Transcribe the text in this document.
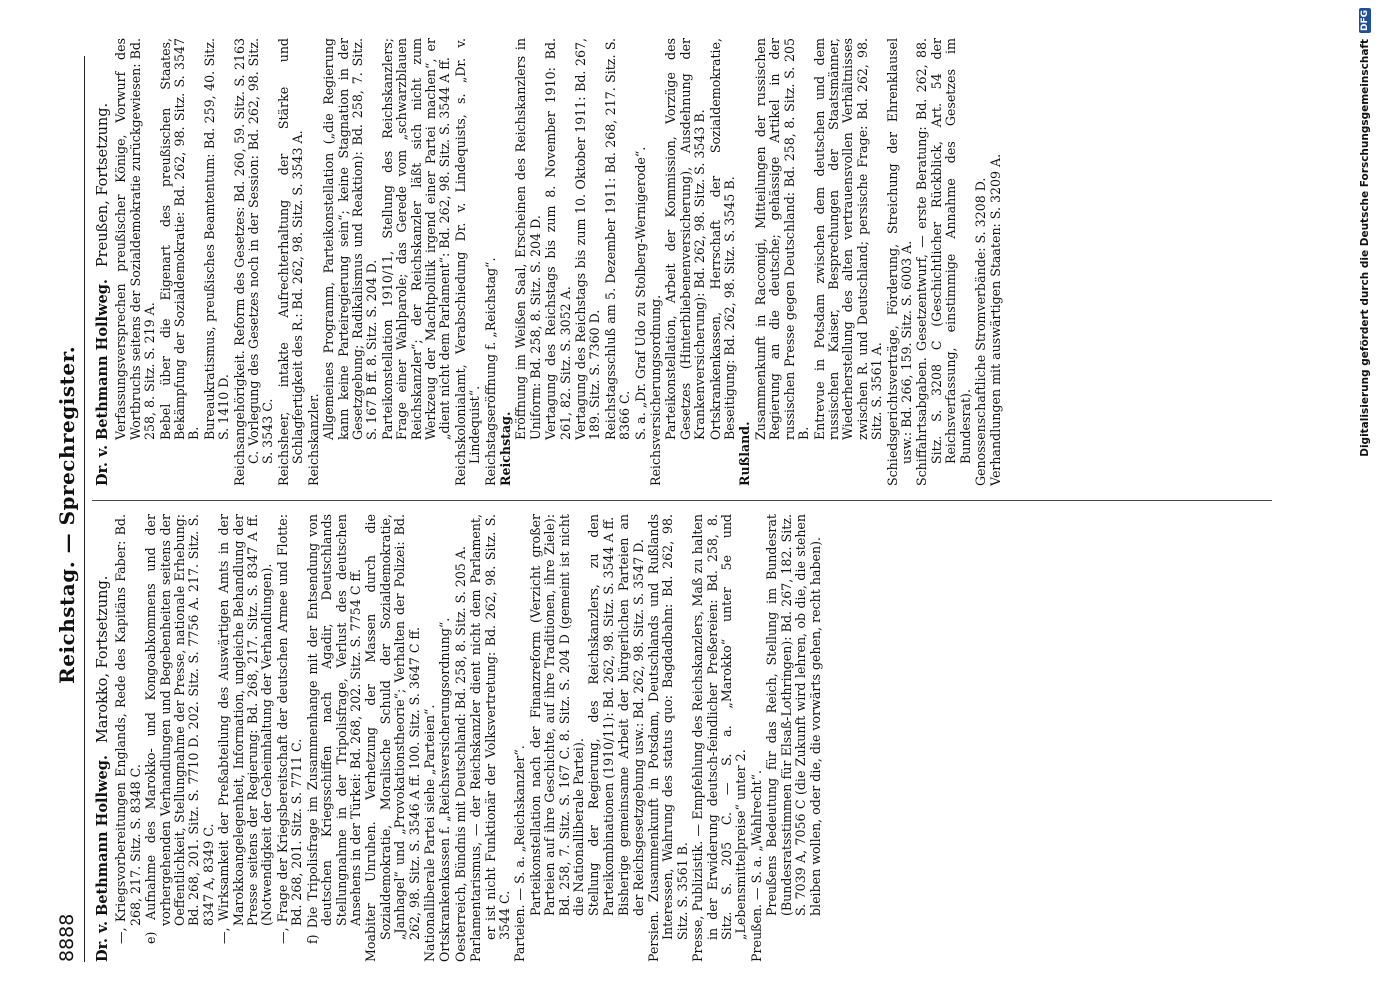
8888
Reichstag. — Sprechregister.
Dr. v. Bethmann Hollweg.
Marokko, Fortsetzung. —, Kriegsvorbereitungen Englands, Rede des Kapitäns Faber: Bd. 268, 217. Sitz. S. 8348 C. e) Aufnahme des Marokko- und Kongoabkommens und der vorhergehenden Verhandlungen und Begebenheiten seitens der Oeffentlichkeit, Stellungnahme der Presse, nationale Erhebung: Bd. 268, 201. Sitz. S. 7710 D. 202. Sitz. S. 7756 A. 217. Sitz. S. 8347 A, 8349 C. —, Wirksamkeit der Preßabteilung des Auswärtigen Amts in der Marokkoangelegenheit, Information, ungleiche Behandlung der Presse seitens der Regierung: Bd. 268, 217. Sitz. S. 8347 A ff. (Notwendigkeit der Geheimhaltung der Verhandlungen). —, Frage der Kriegsbereitschaft der deutschen Armee und Flotte: Bd. 268, 201. Sitz. S. 7711 C. f) Die Tripolisfrage im Zusammenhange mit der Entsendung von deutschen Kriegsschiffen nach Agadir, Deutschlands Stellungnahme in der Tripolisfrage, Verlust des deutschen Ansehens in der Türkei: Bd. 268, 202. Sitz. S. 7754 C ff. Moabiter Unruhen. Verhetzung der Massen durch die Sozialdemokratie, Moralische Schuld der Sozialdemokratie, „Janhagel“ und „Provokationstheorie“; Verhalten der Polizei: Bd. 262, 98. Sitz. S. 3546 A ff. 100. Sitz. S. 3647 C ff. Nationalliberale Partei siehe „Parteien“. Ortskrankenkassen f. „Reichsversicherungsordnung“. Oesterreich, Bündnis mit Deutschland: Bd. 258, 8. Sitz. S. 205 A. Parlamentarismus, — der Reichskanzler dient nicht dem Parlament, er ist nicht Funktionär der Volksvertretung: Bd. 262, 98. Sitz. S. 3544 C. Parteien. — S. a. „Reichskanzler“. Parteikonstellation nach der Finanzreform (Verzicht großer Parteien auf ihre Geschichte, auf ihre Traditionen, ihre Ziele): Bd. 258, 7. Sitz. S. 167 C. 8. Sitz. S. 204 D (gemeint ist nicht die Nationalliberale Partei). Stellung der Regierung, des Reichskanzlers, zu den Parteikombinationen (1910/11): Bd. 262, 98. Sitz. S. 3544 A ff. Bisherige gemeinsame Arbeit der bürgerlichen Parteien an der Reichsgesetzgebung usw.: Bd. 262, 98. Sitz. S. 3547 D. Persien. Zusammenkunft in Potsdam, Deutschlands und Rußlands Interessen, Wahrung des status quo: Bagdadbahn: Bd. 262, 98. Sitz. S. 3561 B. Presse, Publizistik. — Empfehlung des Reichskanzlers, Maß zu halten in der Erwiderung deutsch-feindlicher Preßereien: Bd. 258, 8. Sitz. S. 205 C. — S. a. „Marokko“ unter 5e und „Lebensmittelpreise“ unter 2. Preußen. — S. a. „Wahlrecht“. Preußens Bedeutung für das Reich, Stellung im Bundesrat (Bundesratsstimmen für Elsaß-Lothringen): Bd. 267, 182. Sitz. S. 7039 A, 7056 C (die Zukunft wird lehren, ob die, die stehen bleiben wollen, oder die, die vorwärts gehen, recht haben).

Dr. v. Bethmann Hollweg.
Preußen, Fortsetzung. Verfassungsversprechen preußischer Könige, Vorwurf des Wortbruchs seitens der Sozialdemokratie zurückgewiesen: Bd. 258, 8. Sitz. S. 219 A. Bebel über die Eigenart des preußischen Staates, Bekämpfung der Sozialdemokratie: Bd. 262, 98. Sitz. S. 3547 B. Bureaukratismus, preußisches Beamtentum: Bd. 259, 40. Sitz. S. 1410 D. Reichsangehörigkeit. Reform des Gesetzes: Bd. 260, 59. Sitz. S. 2163 C. Vorlegung des Gesetzes noch in der Session: Bd. 262, 98. Sitz. S. 3543 C. Reichsheer, intakte Aufrechterhaltung der Stärke und Schlagfertigkeit des R.: Bd. 262, 98. Sitz. S. 3543 A. Reichskanzler. Allgemeines Programm, Parteikonstellation („die Regierung kann keine Parteiregierung sein“; keine Stagnation in der Gesetzgebung; Radikalismus und Reaktion): Bd. 258, 7. Sitz. S. 167 B ff. 8. Sitz. S. 204 D. Parteikonstellation 1910/11, Stellung des Reichskanzlers; Frage einer Wahlparole; das Gerede vom „schwarzblauen Reichskanzler“; der Reichskanzler läßt sich nicht zum Werkzeug der Machtpolitik irgend einer Partei machen“, er „dient nicht dem Parlament“: Bd. 262, 98. Sitz. S. 3544 A ff. Reichskolonialamt, Verabschiedung Dr. v. Lindequists, s. „Dr. v. Lindequist“. Reichstagseröffnung f. „Reichstag“. Reichstag.

Eröffnung im Weißen Saal, Erscheinen des Reichskanzlers in Uniform: Bd. 258, 8. Sitz. S. 204 D. Vertagung des Reichstags bis zum 8. November 1910: Bd. 261, 82. Sitz. S. 3052 A. Vertagung des Reichstags bis zum 10. Oktober 1911: Bd. 267, 189. Sitz. S. 7360 D. Reichstagsschluß am 5. Dezember 1911: Bd. 268, 217. Sitz. S. 8366 C. S. a. „Dr. Graf Udo zu Stolberg-Wernigerode“. Reichsversicherungsordnung. Parteikonstellation, Arbeit der Kommission, Vorzüge des Gesetzes (Hinterbliebenenversicherung), Ausdehnung der Krankenversicherung): Bd. 262, 98. Sitz. S. 3543 B. Ortskrankenkassen, Herrschaft der Sozialdemokratie, Beseitigung: Bd. 262, 98. Sitz. S. 3545 B.

Rußland.

Zusammenkunft in Racconigi, Mitteilungen der russischen Regierung an die deutsche; gehässige Artikel in der russischen Presse gegen Deutschland: Bd. 258, 8. Sitz. S. 205 B. Entrevue in Potsdam zwischen dem deutschen und dem russischen Kaiser, Besprechungen der Staatsmänner, Wiederherstellung des alten vertrauensvollen Verhältnisses zwischen R. und Deutschland; persische Frage: Bd. 262, 98. Sitz. S. 3561 A. Schiedsgerichtsverträge, Förderung, Streichung der Ehrenklausel usw.: Bd. 266, 159. Sitz. S. 6003 A. Schiffahrtsabgaben. Gesetzentwurf, — erste Beratung: Bd. 262, 88. Sitz. S. 3208 C (Geschichtlicher Rückblick, Art. 54 der Reichsverfassung, einstimmige Annahme des Gesetzes im Bundesrat). Genossenschaftliche Stromverbände: S. 3208 D. Verhandlungen mit auswärtigen Staaten: S. 3209 A.

DFG
Digitalisierung gefördert durch die Deutsche Forschungsgemeinschaft
